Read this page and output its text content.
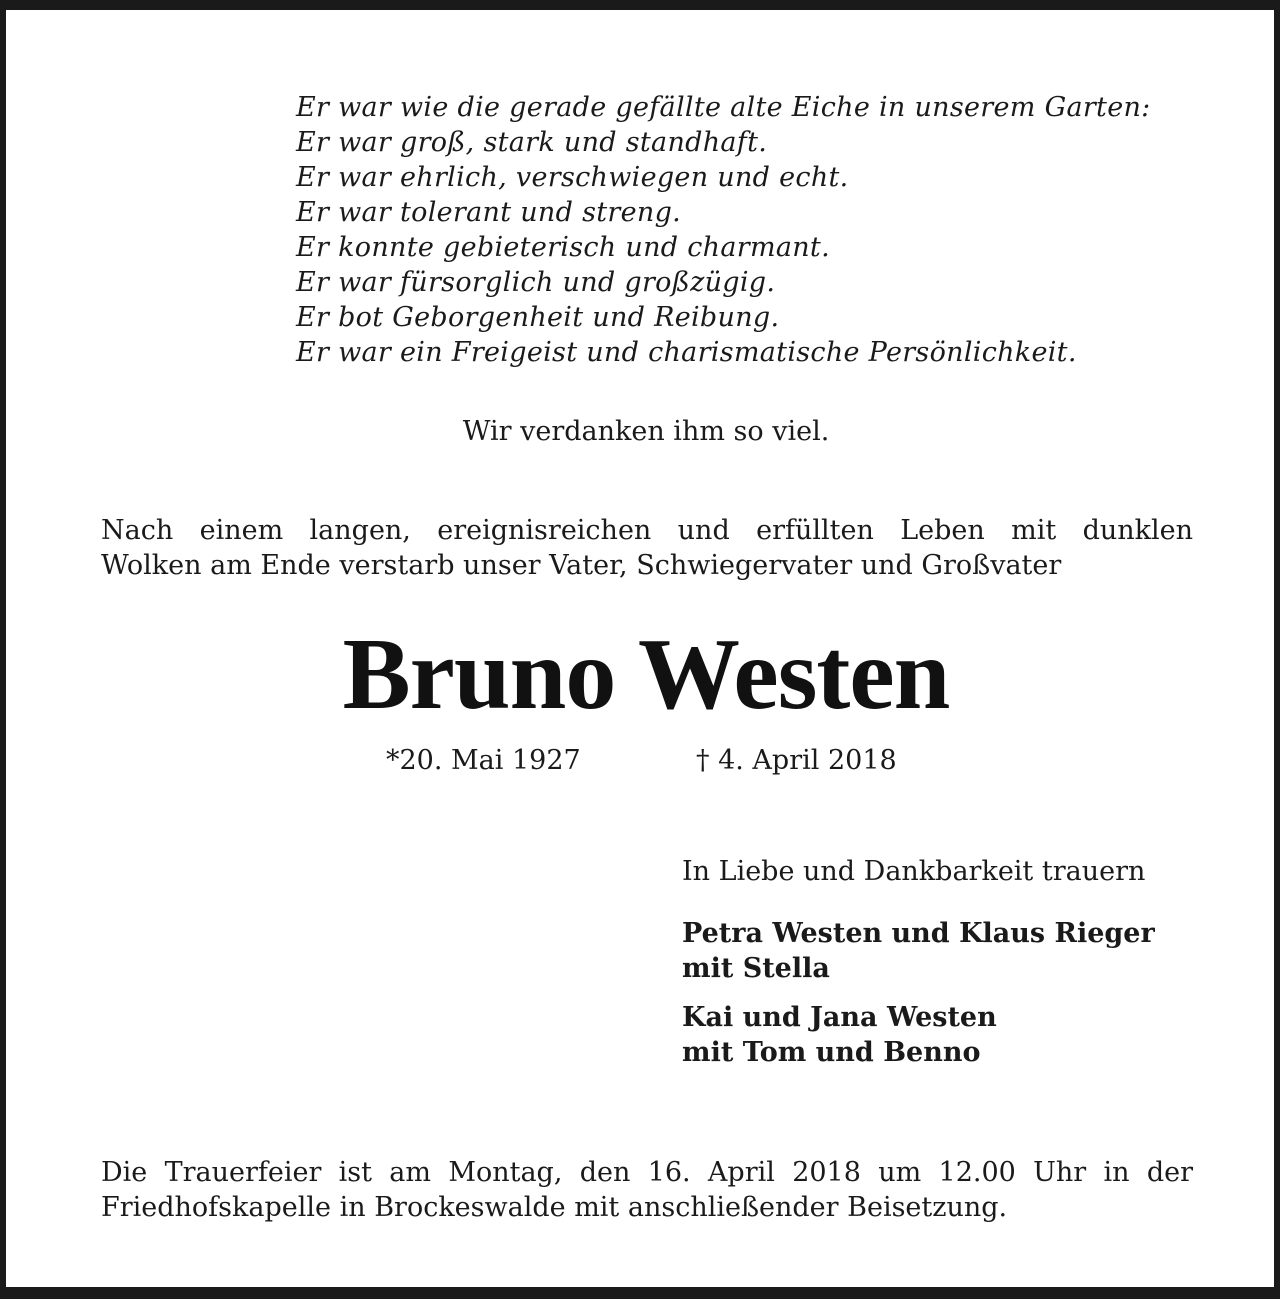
Er war wie die gerade gefällte alte Eiche in unserem Garten:
Er war groß, stark und standhaft.
Er war ehrlich, verschwiegen und echt.
Er war tolerant und streng.
Er konnte gebieterisch und charmant.
Er war fürsorglich und großzügig.
Er bot Geborgenheit und Reibung.
Er war ein Freigeist und charismatische Persönlichkeit.
Wir verdanken ihm so viel.
Nach einem langen, ereignisreichen und erfüllten Leben mit dunklen
Wolken am Ende verstarb unser Vater, Schwiegervater und Großvater
Bruno Westen
*20. Mai 1927	† 4. April 2018
In Liebe und Dankbarkeit trauern
Petra Westen und Klaus Rieger
mit Stella
Kai und Jana Westen
mit Tom und Benno
Die Trauerfeier ist am Montag, den 16. April 2018 um 12.00 Uhr in der
Friedhofskapelle in Brockeswalde mit anschließender Beisetzung.
